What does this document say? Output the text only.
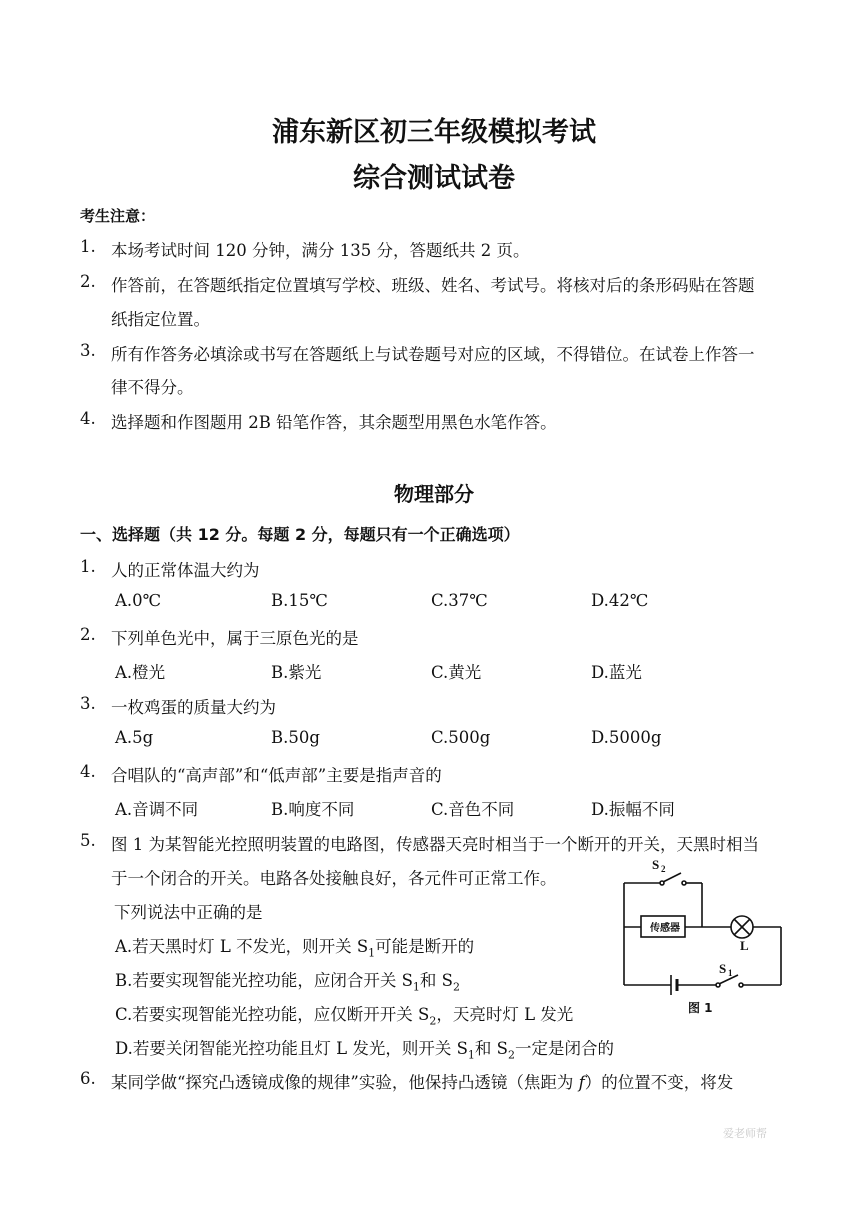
浦东新区初三年级模拟考试
综合测试试卷
考生注意：
1. 本场考试时间 120 分钟，满分 135 分，答题纸共 2 页。
2. 作答前，在答题纸指定位置填写学校、班级、姓名、考试号。将核对后的条形码贴在答题
纸指定位置。
3. 所有作答务必填涂或书写在答题纸上与试卷题号对应的区域，不得错位。在试卷上作答一
律不得分。
4. 选择题和作图题用 2B 铅笔作答，其余题型用黑色水笔作答。
物理部分
一、选择题（共 12 分。每题 2 分，每题只有一个正确选项）
1. 人的正常体温大约为
A.0℃	B.15℃	C.37℃	D.42℃
2. 下列单色光中，属于三原色光的是
A.橙光	B.紫光	C.黄光	D.蓝光
3. 一枚鸡蛋的质量大约为
A.5g	B.50g	C.500g	D.5000g
4. 合唱队的“高声部”和“低声部”主要是指声音的
A.音调不同	B.响度不同	C.音色不同	D.振幅不同
5. 图 1 为某智能光控照明装置的电路图，传感器天亮时相当于一个断开的开关，天黑时相当
于一个闭合的开关。电路各处接触良好，各元件可正常工作。
下列说法中正确的是
A.若天黑时灯 L 不发光，则开关 $S_1$可能是断开的
B.若要实现智能光控功能，应闭合开关 $S_1$和 $S_2$
C.若要实现智能光控功能，应仅断开开关 $S_2$，天亮时灯 L 发光
D.若要关闭智能光控功能且灯 L 发光，则开关 $S_1$和 $S_2$一定是闭合的
传感器
L
S 2
S 1
图 1
6. 某同学做“探究凸透镜成像的规律”实验，他保持凸透镜（焦距为 f）的位置不变，将发
爱老师帮
